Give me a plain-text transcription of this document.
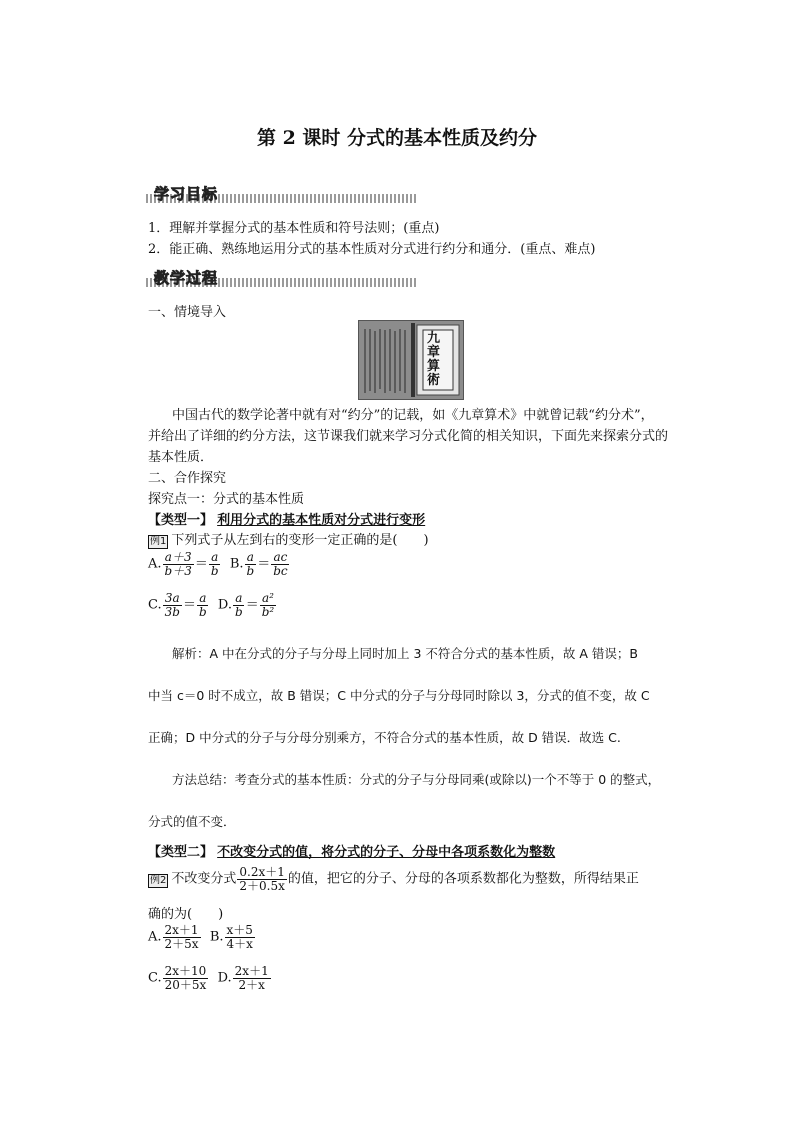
第 2 课时 分式的基本性质及约分
学习目标
1．理解并掌握分式的基本性质和符号法则；(重点)
2．能正确、熟练地运用分式的基本性质对分式进行约分和通分．(重点、难点)
教学过程
一、情境导入
九章算術
中国古代的数学论著中就有对“约分”的记载，如《九章算术》中就曾记载“约分术”，
并给出了详细的约分方法，这节课我们就来学习分式化简的相关知识，下面先来探索分式的
基本性质．
二、合作探究
探究点一：分式的基本性质
【类型一】 利用分式的基本性质对分式进行变形
例1 下列式子从左到右的变形一定正确的是(　　)
A. $\frac{a+3}{b+3} = \frac{a}{b} B$. $\frac{a}{b} = \frac{ac}{bc}$
C. $\frac{3a}{3b} = \frac{a}{b} D$. $\frac{a}{b} = \frac{\text{a²}}{\text{b²}}$
解析：A 中在分式的分子与分母上同时加上 3 不符合分式的基本性质，故 A 错误；B
中当 c＝0 时不成立，故 B 错误；C 中分式的分子与分母同时除以 3，分式的值不变，故 C
正确；D 中分式的分子与分母分别乘方，不符合分式的基本性质，故 D 错误．故选 C.
方法总结：考查分式的基本性质：分式的分子与分母同乘(或除以)一个不等于 0 的整式，
分式的值不变．
【类型二】 不改变分式的值，将分式的分子、分母中各项系数化为整数
例2 不改变分式 $\frac{0.2x+1}{2+0.5x}$ 的值，把它的分子、分母的各项系数都化为整数，所得结果正
确的为(　　)
A. $\frac{2x+1}{2+5x} B$. $\frac{x+5}{4+x}$
C. $\frac{2x+10}{20+5x} D$. $\frac{2x+1}{2+x}$
